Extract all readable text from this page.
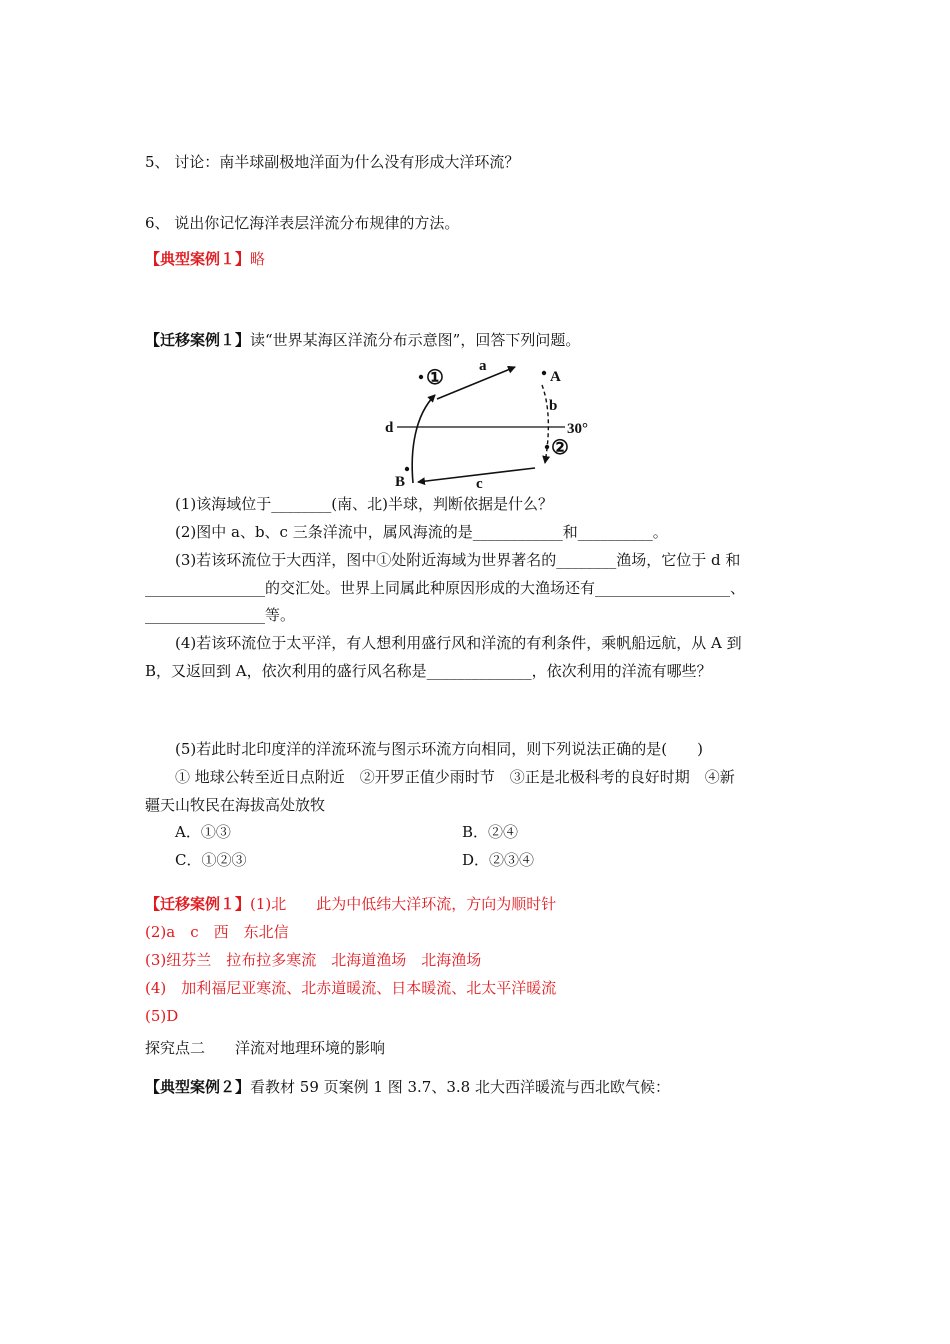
5、 讨论：南半球副极地洋面为什么没有形成大洋环流？
6、 说出你记忆海洋表层洋流分布规律的方法。
【典型案例１】略
【迁移案例１】读“世界某海区洋流分布示意图”，回答下列问题。
①	A
②
B
a
b
c
d	30°
(1)该海域位于________(南、北)半球，判断依据是什么？
(2)图中 a、b、c 三条洋流中，属风海流的是____________和__________。
(3)若该环流位于大西洋，图中①处附近海域为世界著名的________渔场，它位于 d 和
________________的交汇处。世界上同属此种原因形成的大渔场还有__________________、
________________等。
(4)若该环流位于太平洋，有人想利用盛行风和洋流的有利条件，乘帆船远航，从 A 到
B，又返回到 A，依次利用的盛行风名称是______________，依次利用的洋流有哪些？
(5)若此时北印度洋的洋流环流与图示环流方向相同，则下列说法正确的是(　　)
① 地球公转至近日点附近　②开罗正值少雨时节　③正是北极科考的良好时期　④新
疆天山牧民在海拔高处放牧
A．①③	B．②④
C．①②③	D．②③④
【迁移案例１】(1)北　　此为中低纬大洋环流，方向为顺时针
(2)a　c　西　东北信
(3)纽芬兰　拉布拉多寒流　北海道渔场　北海渔场
(4)　加利福尼亚寒流、北赤道暖流、日本暖流、北太平洋暖流
(5)D
探究点二　　洋流对地理环境的影响
【典型案例２】看教材 59 页案例 1 图 3.7、3.8 北大西洋暖流与西北欧气候：
